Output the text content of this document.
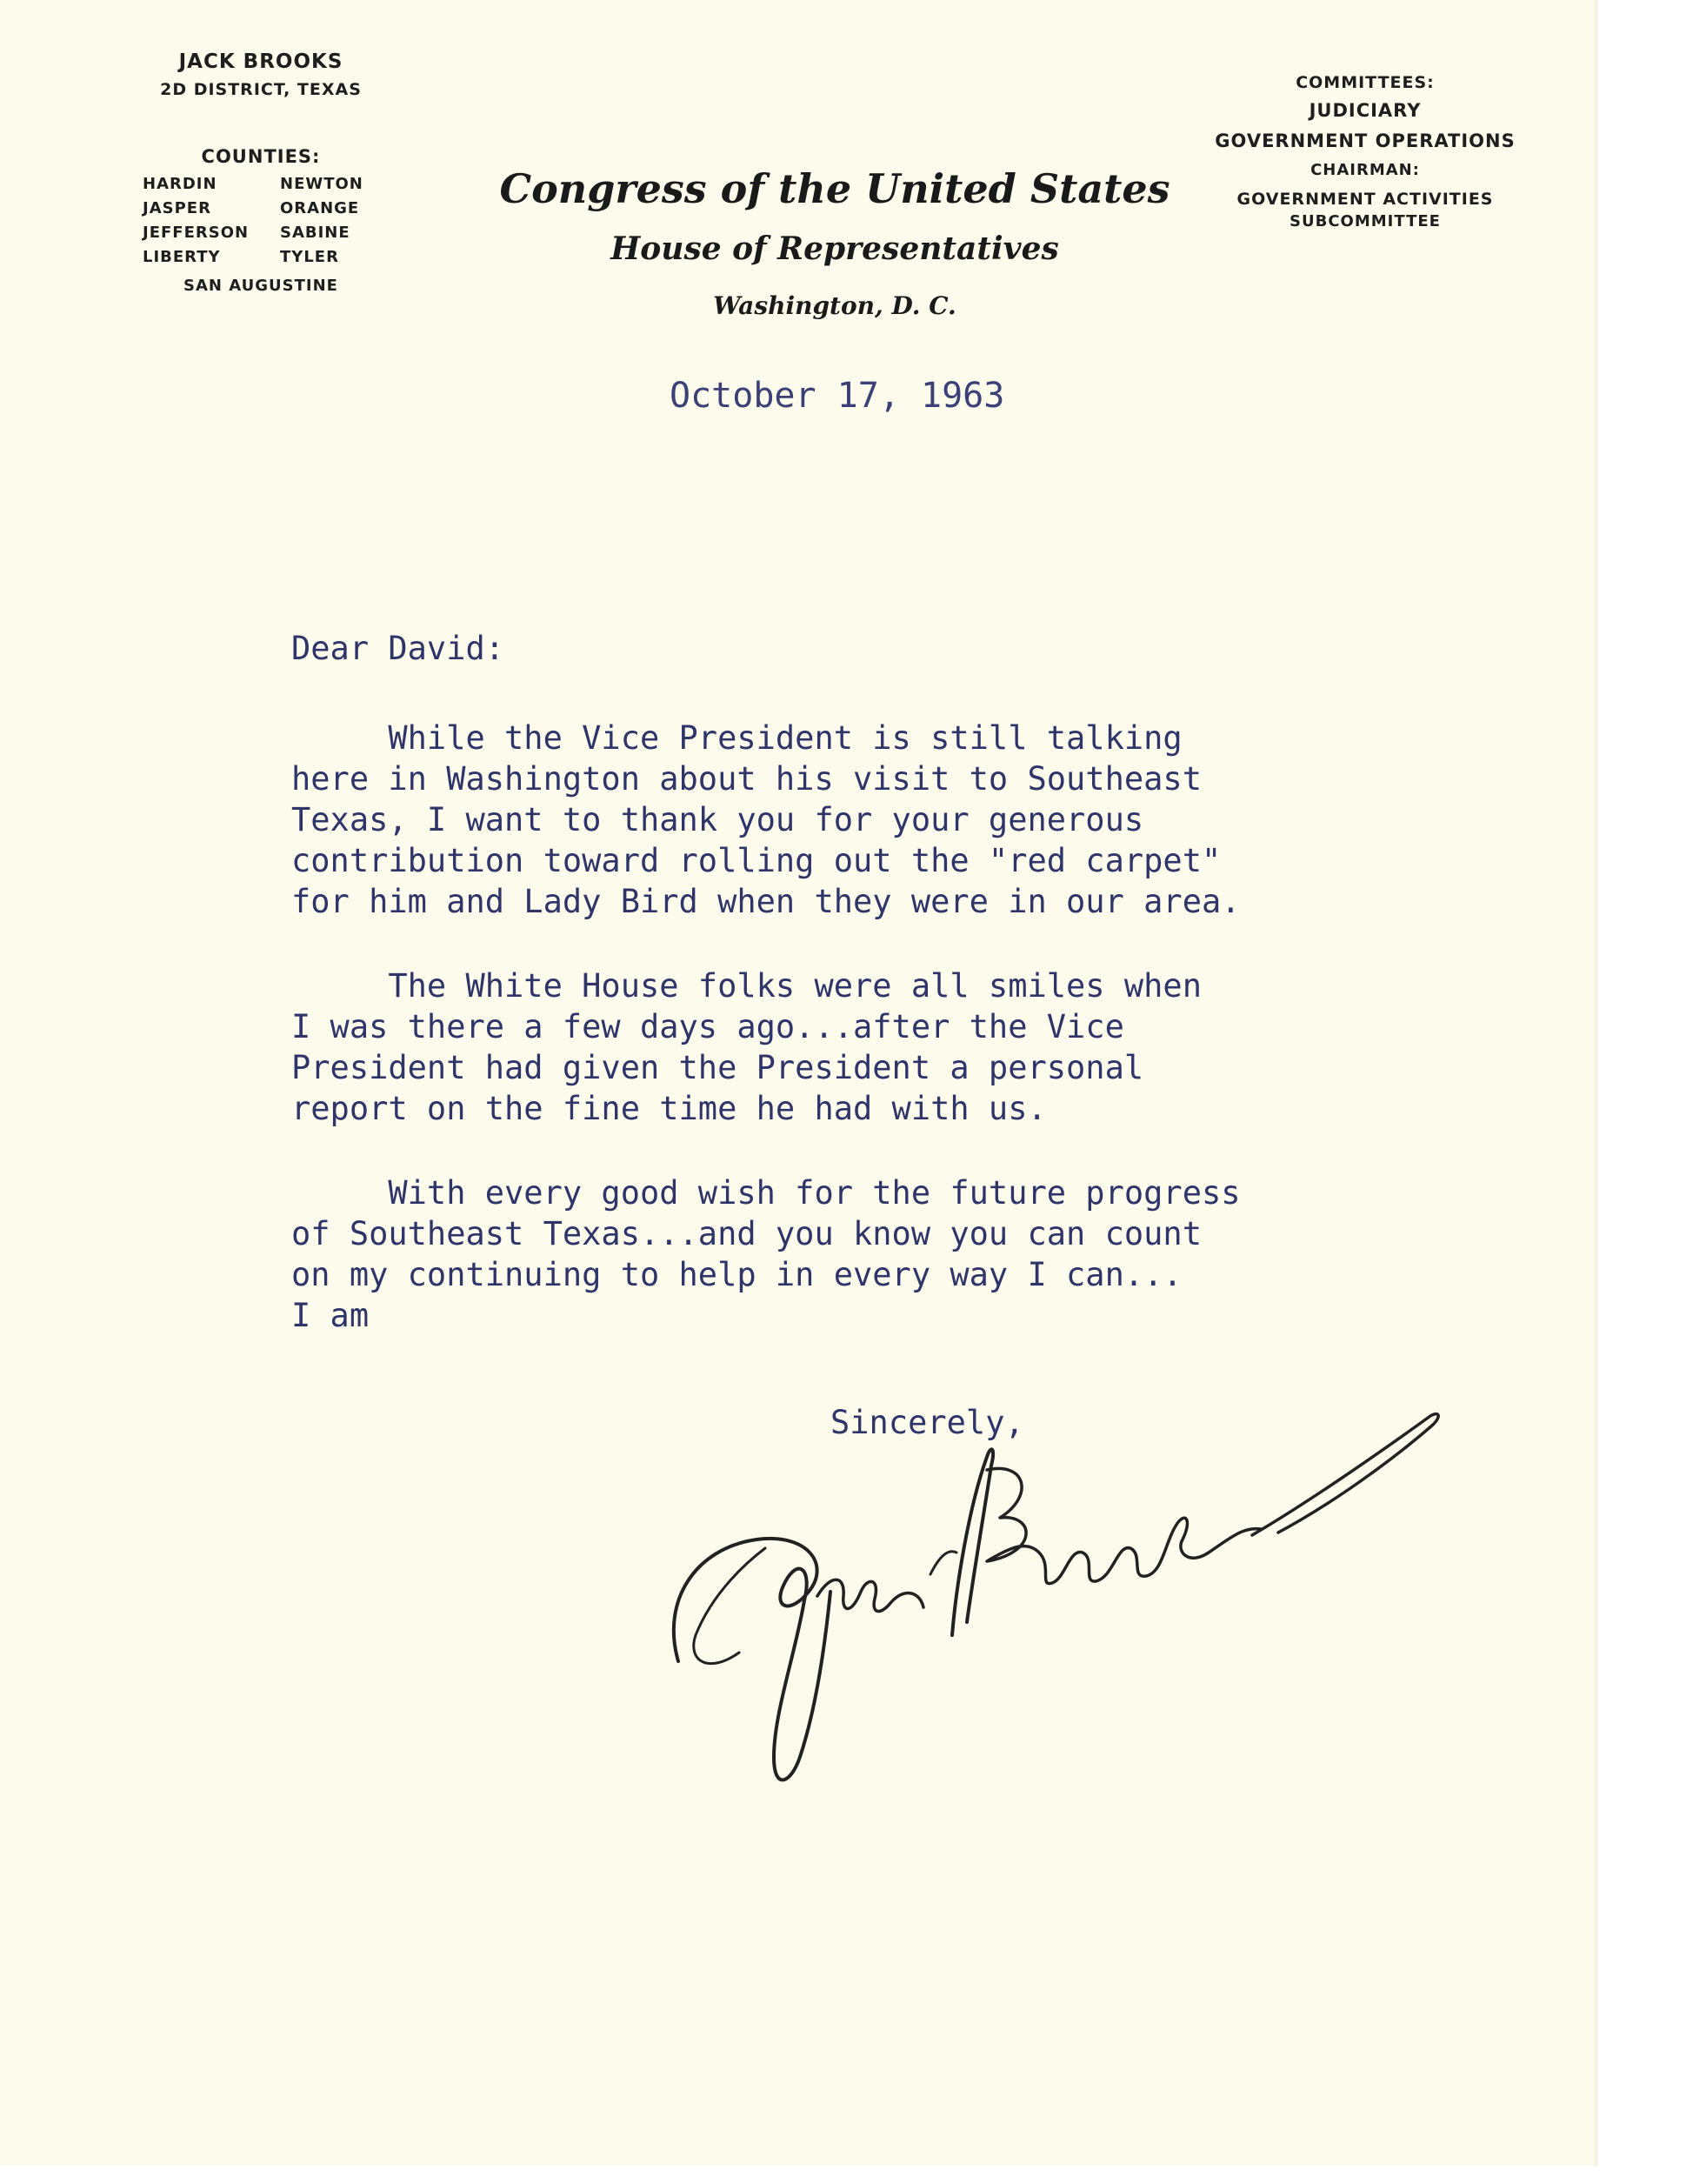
JACK BROOKS
2D DISTRICT, TEXAS
COUNTIES:
HARDIN	NEWTON
JASPER	ORANGE
JEFFERSON	SABINE
LIBERTY	TYLER
SAN AUGUSTINE
Congress of the United States
House of Representatives
Washington, D. C.
COMMITTEES:
JUDICIARY
GOVERNMENT OPERATIONS
CHAIRMAN:
GOVERNMENT ACTIVITIES
SUBCOMMITTEE
October 17, 1963

Dear David:

While the Vice President is still talking

here in Washington about his visit to Southeast

Texas, I want to thank you for your generous

contribution toward rolling out the "red carpet"

for him and Lady Bird when they were in our area.

The White House folks were all smiles when

I was there a few days ago...after the Vice

President had given the President a personal

report on the fine time he had with us.

With every good wish for the future progress

of Southeast Texas...and you know you can count

on my continuing to help in every way I can...

I am

Sincerely,
